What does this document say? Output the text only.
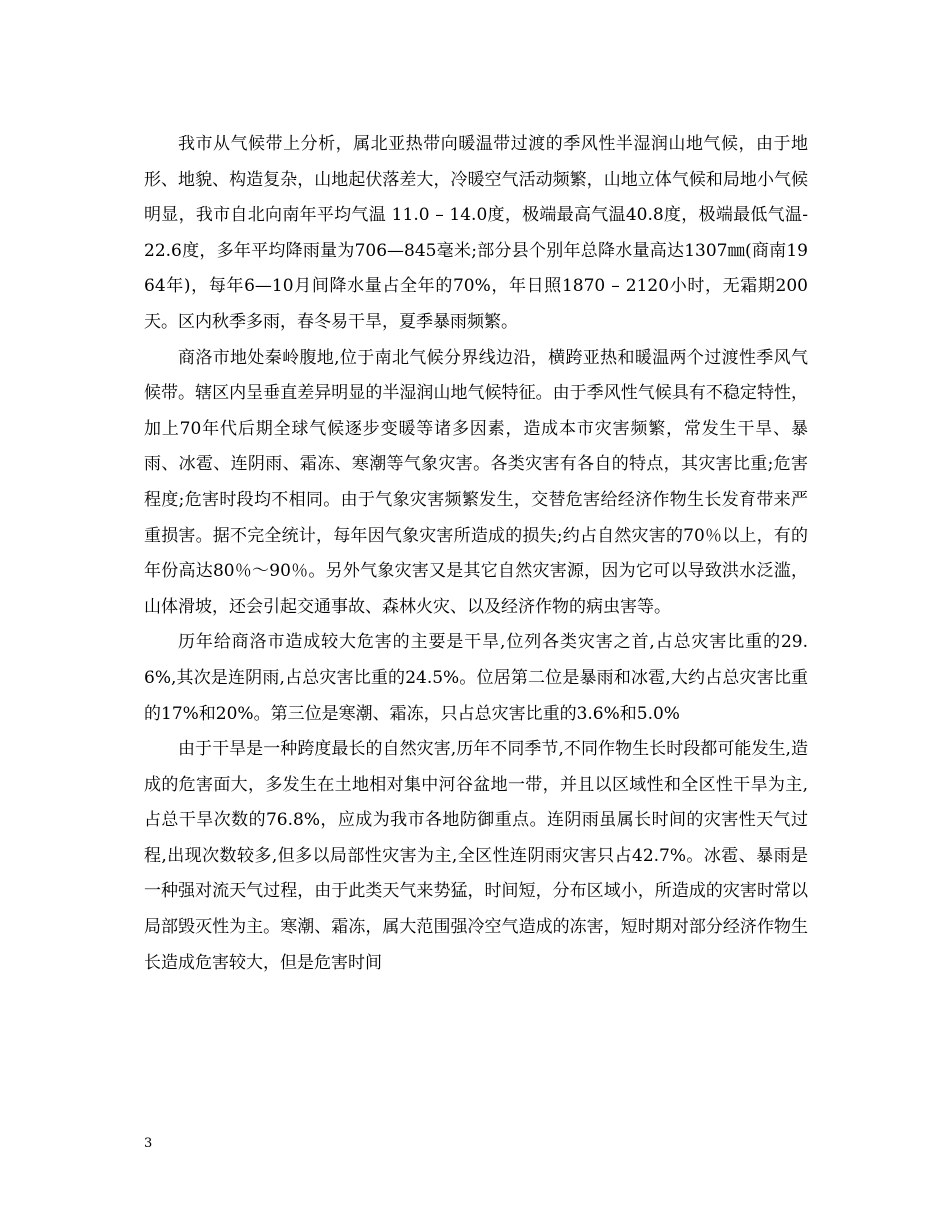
我市从气候带上分析，属北亚热带向暖温带过渡的季风性半湿润山地气候，由于地形、地貌、构造复杂，山地起伏落差大，冷暖空气活动频繁，山地立体气候和局地小气候明显，我市自北向南年平均气温 11.0 – 14.0度，极端最高气温40.8度，极端最低气温-22.6度，多年平均降雨量为706—845毫米;部分县个别年总降水量高达1307㎜(商南1964年)，每年6—10月间降水量占全年的70%，年日照1870 – 2120小时，无霜期200天。区内秋季多雨，春冬易干旱，夏季暴雨频繁。

商洛市地处秦岭腹地,位于南北气候分界线边沿，横跨亚热和暖温两个过渡性季风气候带。辖区内呈垂直差异明显的半湿润山地气候特征。由于季风性气候具有不稳定特性，加上70年代后期全球气候逐步变暖等诸多因素，造成本市灾害频繁，常发生干旱、暴雨、冰雹、连阴雨、霜冻、寒潮等气象灾害。各类灾害有各自的特点，其灾害比重;危害程度;危害时段均不相同。由于气象灾害频繁发生，交替危害给经济作物生长发育带来严重损害。据不完全统计，每年因气象灾害所造成的损失;约占自然灾害的70％以上，有的年份高达80％～90％。另外气象灾害又是其它自然灾害源，因为它可以导致洪水泛滥，山体滑坡，还会引起交通事故、森林火灾、以及经济作物的病虫害等。

历年给商洛市造成较大危害的主要是干旱,位列各类灾害之首,占总灾害比重的29.6%,其次是连阴雨,占总灾害比重的24.5%。位居第二位是暴雨和冰雹,大约占总灾害比重的17%和20%。第三位是寒潮、霜冻，只占总灾害比重的3.6%和5.0%

由于干旱是一种跨度最长的自然灾害,历年不同季节,不同作物生长时段都可能发生,造成的危害面大，多发生在土地相对集中河谷盆地一带，并且以区域性和全区性干旱为主,占总干旱次数的76.8%，应成为我市各地防御重点。连阴雨虽属长时间的灾害性天气过程,出现次数较多,但多以局部性灾害为主,全区性连阴雨灾害只占42.7%。冰雹、暴雨是一种强对流天气过程，由于此类天气来势猛，时间短，分布区域小，所造成的灾害时常以局部毁灭性为主。寒潮、霜冻，属大范围强冷空气造成的冻害，短时期对部分经济作物生长造成危害较大，但是危害时间

3
